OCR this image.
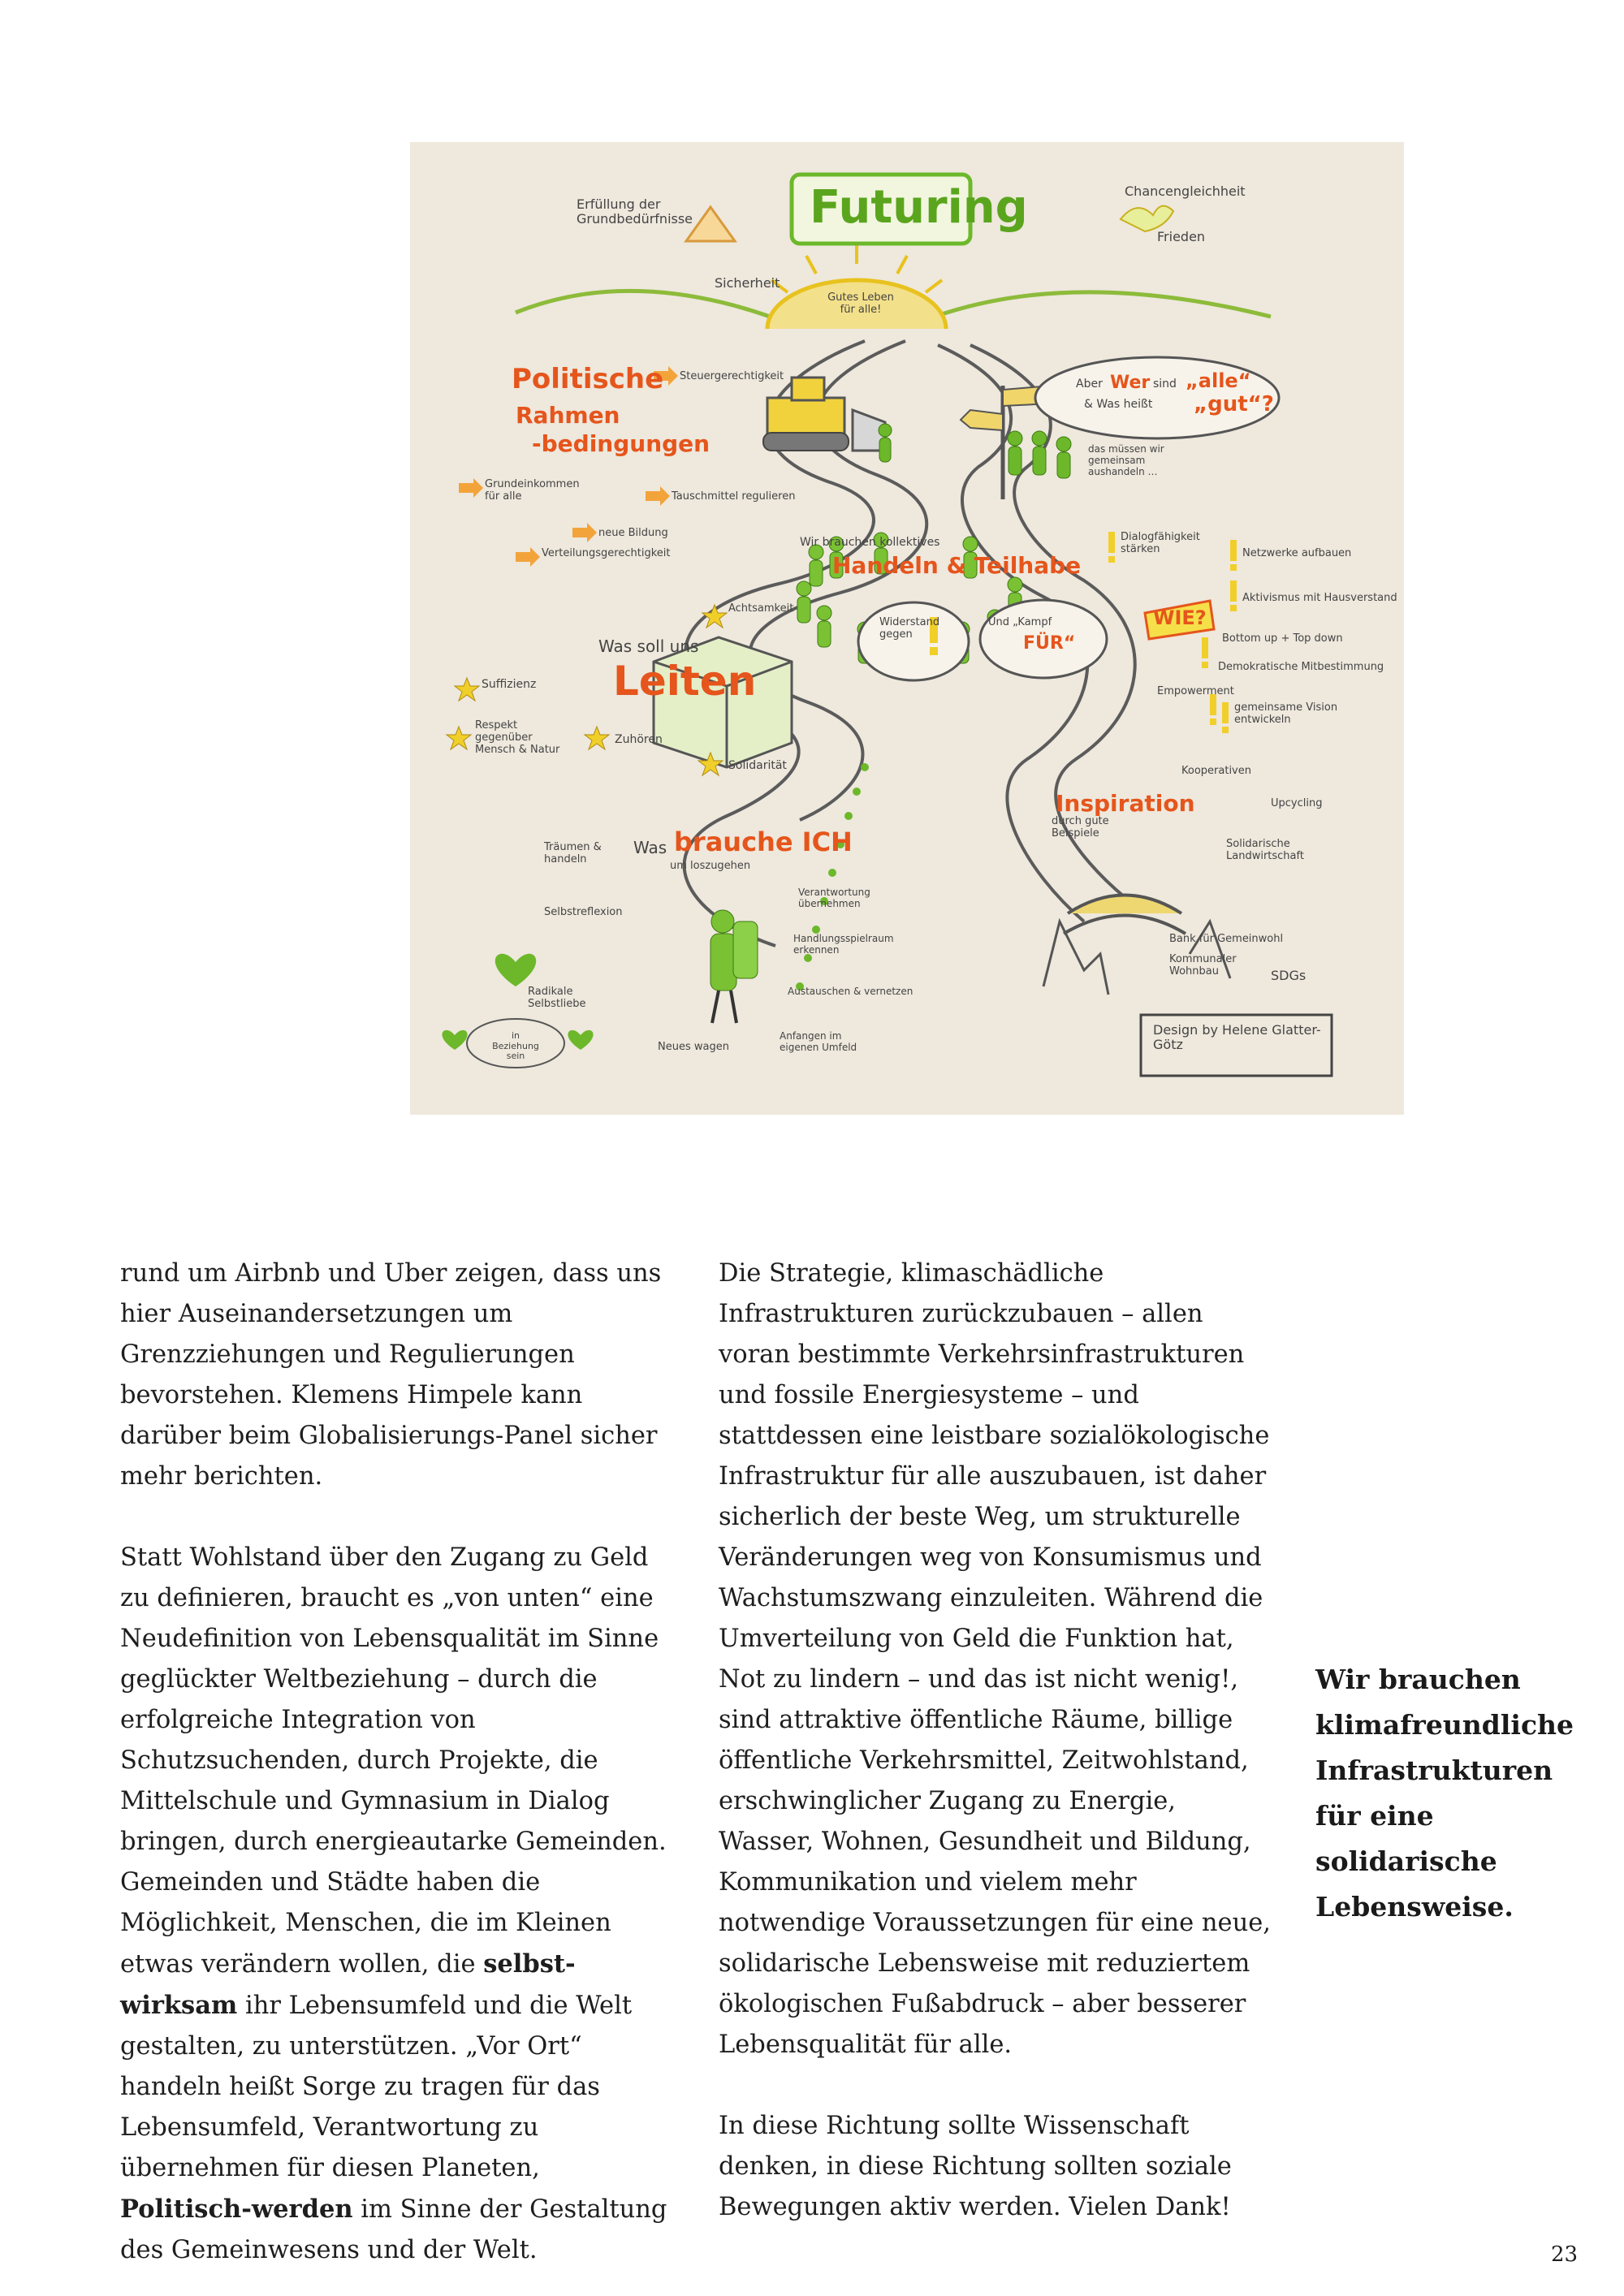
Erfüllung der Grundbedürfnisse	Futuring	Chancengleichheit
Frieden
Sicherheit
Gutes Leben für alle!
Aber Wer sind „alle“
& Was heißt „gut“?
das müssen wir gemeinsam aushandeln …
Politische
Rahmen
-bedingungen
Steuergerechtigkeit
Grundeinkommen für alle	Tauschmittel regulieren
neue Bildung
Verteilungsgerechtigkeit
Wir brauchen kollektives
Handeln & Teilhabe
Widerstand gegen
Und „Kampf
FÜR“
WIE?
Dialogfähigkeit stärken	Netzwerke aufbauen
Aktivismus mit Hausverstand
Bottom up + Top down
Demokratische Mitbestimmung
Empowerment
gemeinsame Vision entwickeln
Was soll uns
Leiten
Achtsamkeit
Suffizienz
Respekt gegenüber Mensch & Natur
Zuhören
Solidarität
Inspiration
durch gute Beispiele
Kooperativen
Upcycling
Solidarische Landwirtschaft
Bank für Gemeinwohl
Kommunaler Wohnbau	SDGs
Was brauche ICH
um loszugehen
Träumen & handeln
Selbstreflexion
Radikale Selbstliebe
in Beziehung sein
Verantwortung übernehmen
Handlungsspielraum erkennen
Austauschen & vernetzen
Neues wagen
Anfangen im eigenen Umfeld
Design by Helene Glatter-Götz

rund um Airbnb und Uber zeigen, dass uns hier Auseinandersetzungen um Grenzziehungen und Regulierungen bevorstehen. Klemens Himpele kann darüber beim Globalisierungs-Panel sicher mehr berichten.

Statt Wohlstand über den Zugang zu Geld zu definieren, braucht es „von unten“ eine Neudefinition von Lebensqualität im Sinne geglückter Weltbeziehung – durch die erfolgreiche Integration von Schutzsuchenden, durch Projekte, die Mittelschule und Gymnasium in Dialog bringen, durch energieautarke Gemeinden. Gemeinden und Städte haben die Möglichkeit, Menschen, die im Kleinen etwas verändern wollen, die selbst-wirksam ihr Lebensumfeld und die Welt gestalten, zu unterstützen. „Vor Ort“ handeln heißt Sorge zu tragen für das Lebensumfeld, Verantwortung zu übernehmen für diesen Planeten, Politisch-werden im Sinne der Gestaltung des Gemeinwesens und der Welt.

Die Strategie, klimaschädliche Infrastrukturen zurückzubauen – allen voran bestimmte Verkehrsinfrastrukturen und fossile Energiesysteme – und stattdessen eine leistbare sozialökologische Infrastruktur für alle auszubauen, ist daher sicherlich der beste Weg, um strukturelle Veränderungen weg von Konsumismus und Wachstumszwang einzuleiten. Während die Umverteilung von Geld die Funktion hat, Not zu lindern – und das ist nicht wenig!, sind attraktive öffentliche Räume, billige öffentliche Verkehrsmittel, Zeitwohlstand, erschwinglicher Zugang zu Energie, Wasser, Wohnen, Gesundheit und Bildung, Kommunikation und vielem mehr notwendige Voraussetzungen für eine neue, solidarische Lebensweise mit reduziertem ökologischen Fußabdruck – aber besserer Lebensqualität für alle.

In diese Richtung sollte Wissenschaft denken, in diese Richtung sollten soziale Bewegungen aktiv werden. Vielen Dank!

Wir brauchen klimafreundliche Infrastrukturen für eine solidarische Lebensweise.
23
